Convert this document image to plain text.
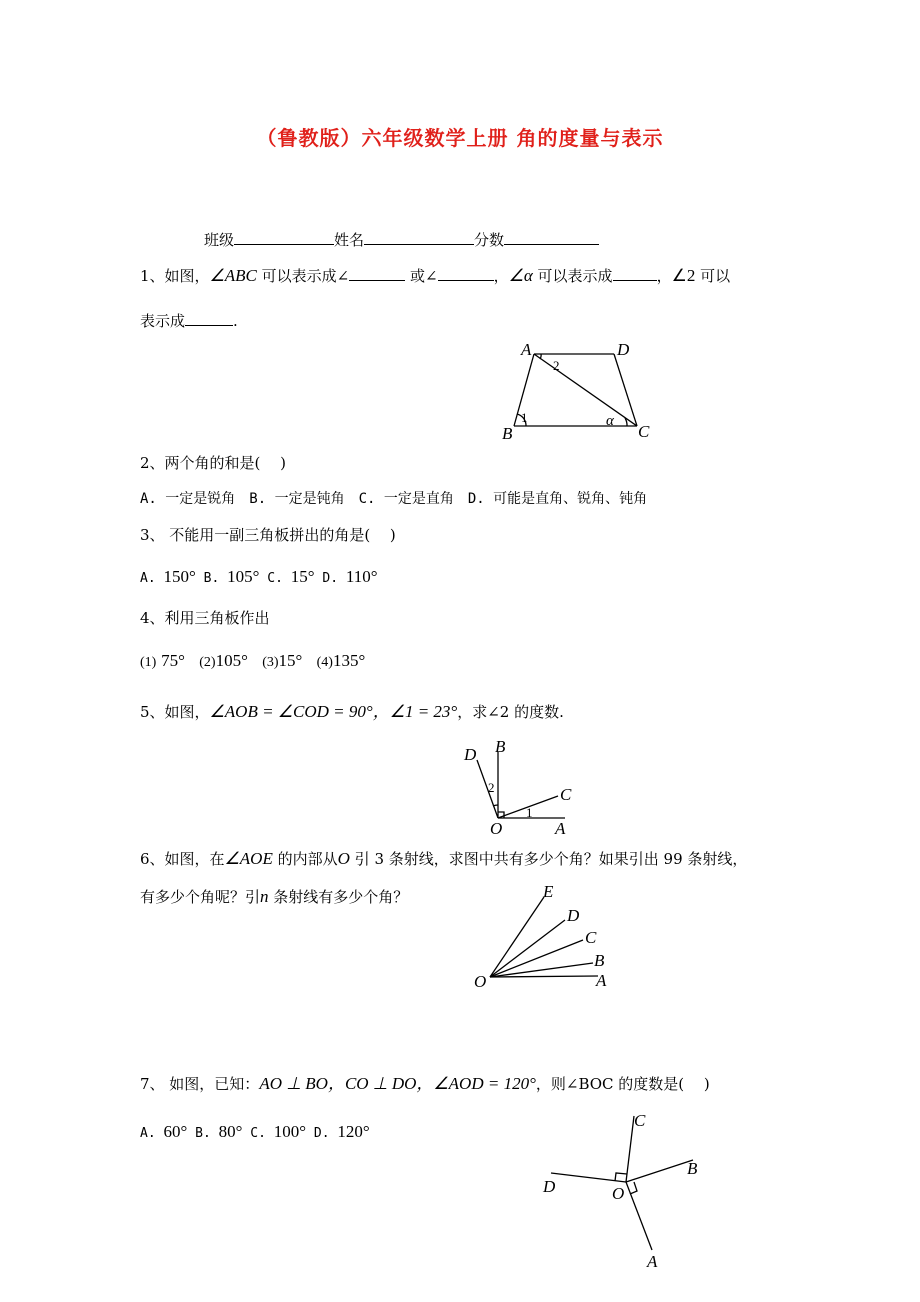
（鲁教版）六年级数学上册 角的度量与表示
班级	姓名	分数
1、如图，∠ABC 可以表示成∠	或∠	，∠α 可以表示成	，∠2 可以
表示成	.
A	D
B	C
1
2
α
2、两个角的和是(　 )
A. 一定是锐角　B. 一定是钝角　C. 一定是直角　D. 可能是直角、锐角、钝角
3、 不能用一副三角板拼出的角是(　 )
A. 150° B. 105° C. 15° D. 110°
4、利用三角板作出
(1) 75° (2)105° (3)15° (4)135°
5、如图，∠AOB = ∠COD = 90°，∠1 = 23°，求∠2 的度数.
D B
C
O	A
1
2
6、如图，在∠AOE 的内部从O 引 3 条射线，求图中共有多少个角？如果引出 99 条射线，
有多少个角呢？引n 条射线有多少个角？	E
D
C
B
A
O
7、 如图，已知：AO ⊥ BO，CO ⊥ DO，∠AOD = 120°，则∠BOC 的度数是(　 )
A. 60° B. 80° C. 100° D. 120°
C
B
D	O
A
